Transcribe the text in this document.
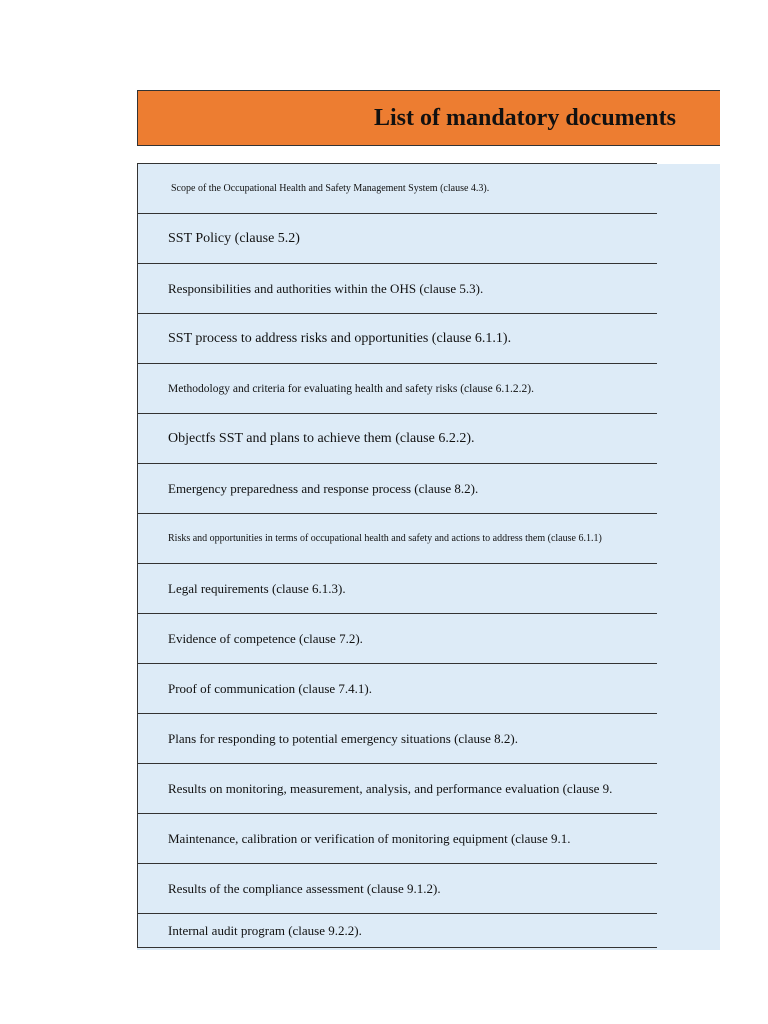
List of mandatory documents
Scope of the Occupational Health and Safety Management System (clause 4.3).
SST Policy (clause 5.2)
Responsibilities and authorities within the OHS (clause 5.3).
SST process to address risks and opportunities (clause 6.1.1).
Methodology and criteria for evaluating health and safety risks (clause 6.1.2.2).
Objectfs SST and plans to achieve them (clause 6.2.2).
Emergency preparedness and response process (clause 8.2).
Risks and opportunities in terms of occupational health and safety and actions to address them (clause 6.1.1)
Legal requirements (clause 6.1.3).
Evidence of competence (clause 7.2).
Proof of communication (clause 7.4.1).
Plans for responding to potential emergency situations (clause 8.2).
Results on monitoring, measurement, analysis, and performance evaluation (clause 9.
Maintenance, calibration or verification of monitoring equipment (clause 9.1.
Results of the compliance assessment (clause 9.1.2).
Internal audit program (clause 9.2.2).
